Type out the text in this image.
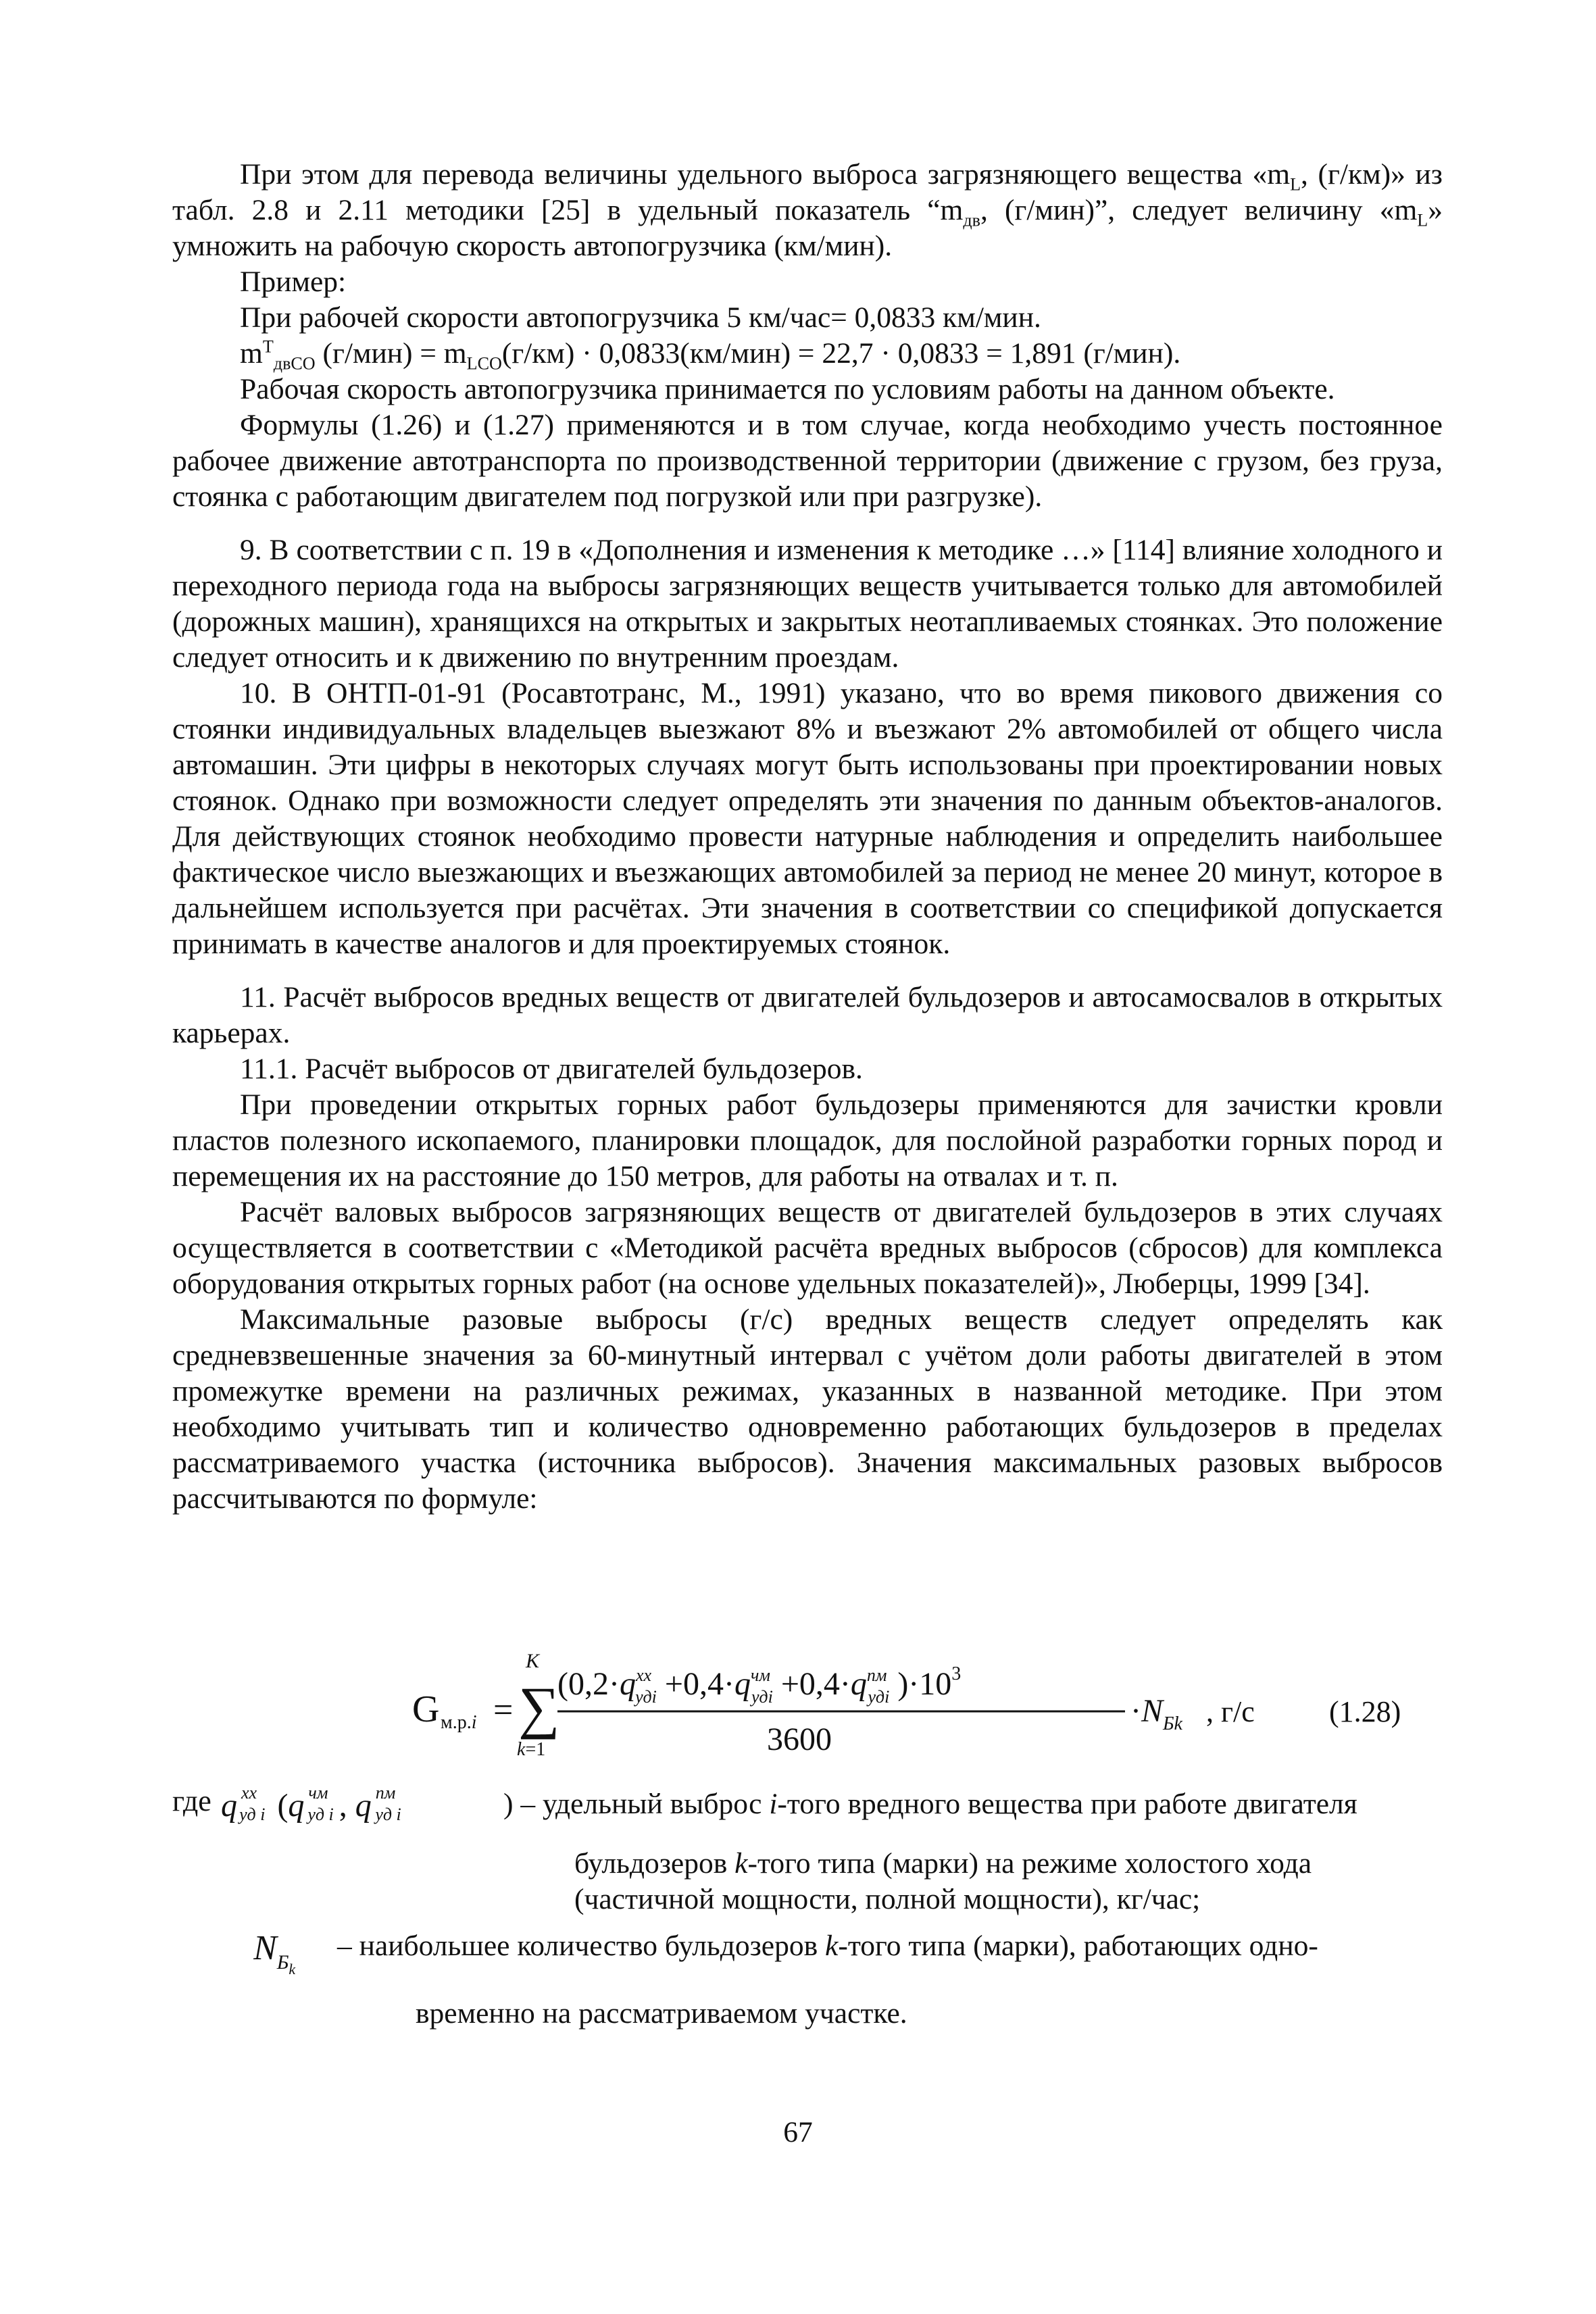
При этом для перевода величины удельного выброса загрязняющего вещества «$m_L$, (г/км)» из табл. 2.8 и 2.11 методики [25] в удельный показатель “$m_{дв}$, (г/мин)”, следует величину «$m_L$» умножить на рабочую скорость автопогрузчика (км/мин).

Пример:

При рабочей скорости автопогрузчика 5 км/час= 0,0833 км/мин.

$m^T_{двCO}$ $(г/мин) = m_{LCO}(г/км) \cdot 0,0833(км/мин) = 22,7 \cdot 0,0833 = 1,891$ (г/мин).

Рабочая скорость автопогрузчика принимается по условиям работы на данном объекте.

Формулы (1.26) и (1.27) применяются и в том случае, когда необходимо учесть постоянное рабочее движение автотранспорта по производственной территории (движение с грузом, без груза, стоянка с работающим двигателем под погрузкой или при разгрузке).

9. В соответствии с п. 19 в «Дополнения и изменения к методике …» [114] влияние холодного и переходного периода года на выбросы загрязняющих веществ учитывается только для автомобилей (дорожных машин), хранящихся на открытых и закрытых неотапливаемых стоянках. Это положение следует относить и к движению по внутренним проездам.

10. В ОНТП-01-91 (Росавтотранс, М., 1991) указано, что во время пикового движения со стоянки индивидуальных владельцев выезжают 8% и въезжают 2% автомобилей от общего числа автомашин. Эти цифры в некоторых случаях могут быть использованы при проектировании новых стоянок. Однако при возможности следует определять эти значения по данным объектов-аналогов. Для действующих стоянок необходимо провести натурные наблюдения и определить наибольшее фактическое число выезжающих и въезжающих автомобилей за период не менее 20 минут, которое в дальнейшем используется при расчётах. Эти значения в соответствии со спецификой допускается принимать в качестве аналогов и для проектируемых стоянок.

11. Расчёт выбросов вредных веществ от двигателей бульдозеров и автосамосвалов в открытых карьерах.

11.1. Расчёт выбросов от двигателей бульдозеров.

При проведении открытых горных работ бульдозеры применяются для зачистки кровли пластов полезного ископаемого, планировки площадок, для послойной разработки горных пород и перемещения их на расстояние до 150 метров, для работы на отвалах и т. п.

Расчёт валовых выбросов загрязняющих веществ от двигателей бульдозеров в этих случаях осуществляется в соответствии с «Методикой расчёта вредных выбросов (сбросов) для комплекса оборудования открытых горных работ (на основе удельных показателей)», Люберцы, 1999 [34].

Максимальные разовые выбросы (г/с) вредных веществ следует определять как средневзвешенные значения за 60-минутный интервал с учётом доли работы двигателей в этом промежутке времени на различных режимах, указанных в названной методике. При этом необходимо учитывать тип и количество одновременно работающих бульдозеров в пределах рассматриваемого участка (источника выбросов). Значения максимальных разовых выбросов рассчитываются по формуле:

G м.р.i =
K
∑
k=1
($0,2\cdot q^{xx}$ удi $+0,4\cdot q^{чм}$ удi $+0,4\cdot q^{пм}$ удi )$\cdot 10^3$
3600
$\cdot N_{Бk}$ , г/с	(1.28)
где q $^{xx}$ уд i (q $^{чм}$ уд i , q $^{пм}$ уд i	) – удельный выброс i-того вредного вещества при работе двигателя
бульдозеров k-того типа (марки) на режиме холостого хода
(частичной мощности, полной мощности), кг/час;
$N_Бk$
– наибольшее количество бульдозеров k-того типа (марки), работающих одно-
временно на рассматриваемом участке.
67
